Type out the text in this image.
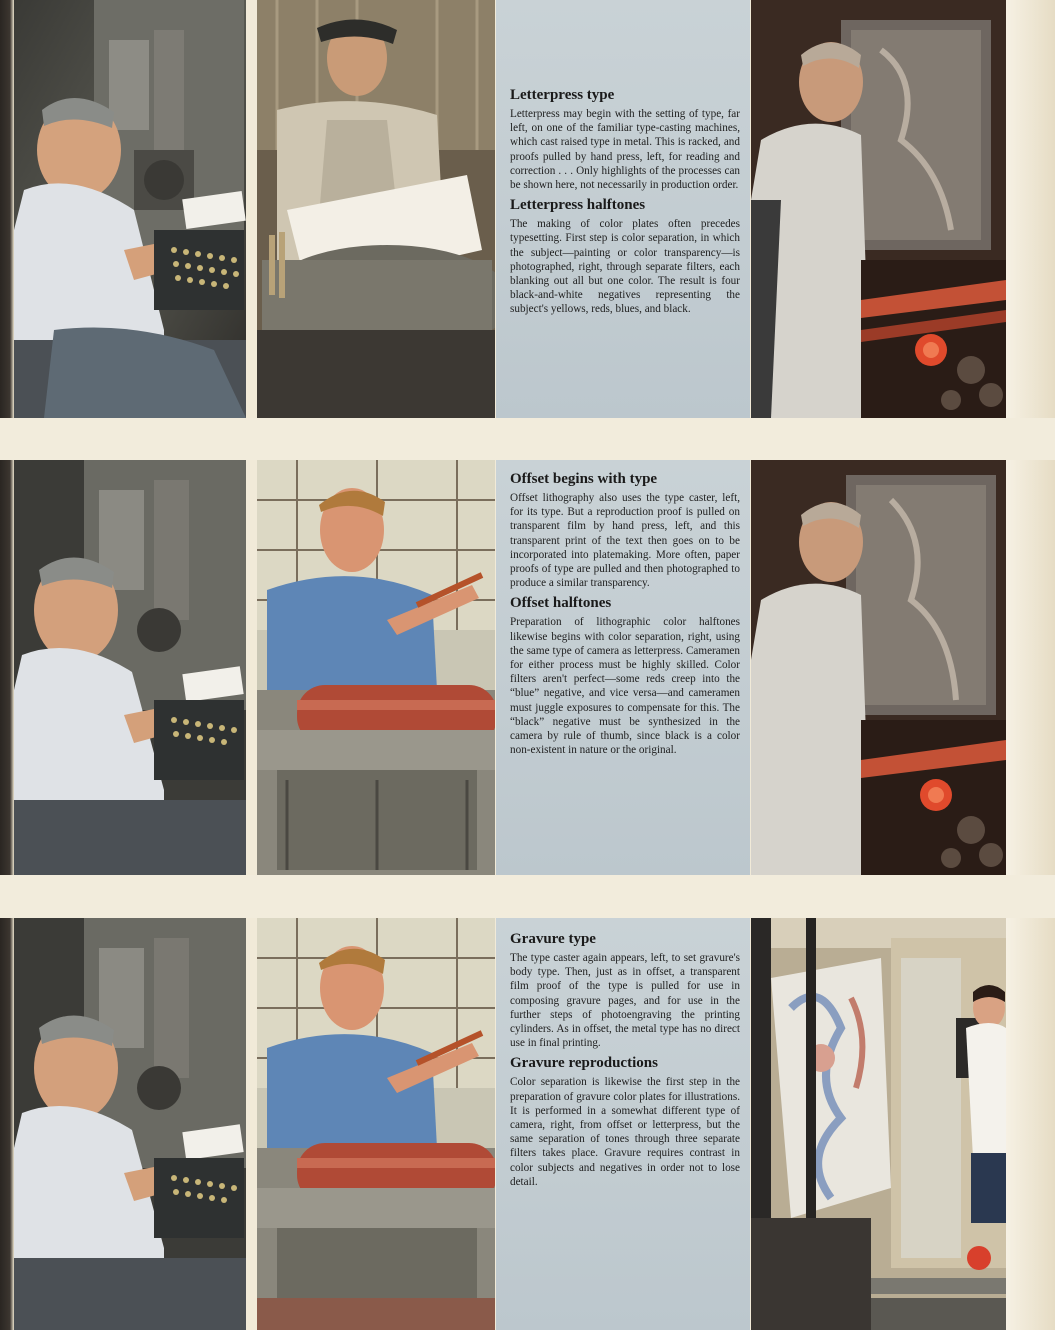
Letterpress type

Letterpress may begin with the setting of type, far left, on one of the familiar type-casting machines, which cast raised type in metal. This is racked, and proofs pulled by hand press, left, for reading and correction . . . Only highlights of the processes can be shown here, not necessarily in production order.

Letterpress halftones

The making of color plates often precedes typesetting. First step is color separation, in which the subject—painting or color transparency—is photographed, right, through separate filters, each blanking out all but one color. The result is four black-and-white negatives representing the subject's yellows, reds, blues, and black.

Offset begins with type

Offset lithography also uses the type caster, left, for its type. But a reproduction proof is pulled on transparent film by hand press, left, and this transparent print of the text then goes on to be incorporated into platemaking. More often, paper proofs of type are pulled and then photographed to produce a similar transparency.

Offset halftones

Preparation of lithographic color halftones likewise begins with color separation, right, using the same type of camera as letterpress. Cameramen for either process must be highly skilled. Color filters aren't perfect—some reds creep into the “blue” negative, and vice versa—and cameramen must juggle exposures to compensate for this. The “black” negative must be synthesized in the camera by rule of thumb, since black is a color non-existent in nature or the original.

Gravure type

The type caster again appears, left, to set gravure's body type. Then, just as in offset, a transparent film proof of the type is pulled for use in composing gravure pages, and for use in the further steps of photoengraving the printing cylinders. As in offset, the metal type has no direct use in final printing.

Gravure reproductions

Color separation is likewise the first step in the preparation of gravure color plates for illustrations. It is performed in a somewhat different type of camera, right, from offset or letterpress, but the same separation of tones through three separate filters takes place. Gravure requires contrast in color subjects and negatives in order not to lose detail.
